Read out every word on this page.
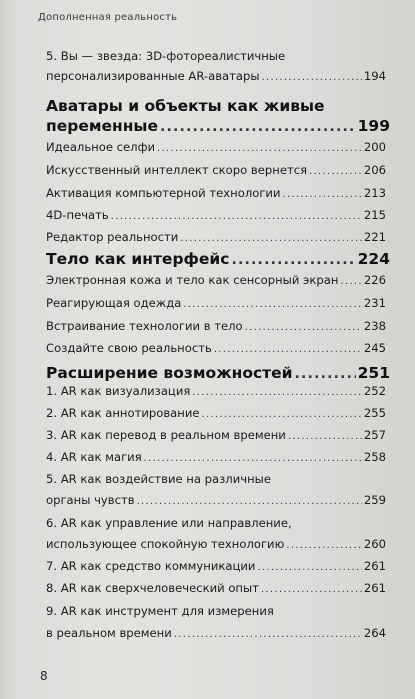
Дополненная реальность
5. Вы — звезда: 3D-фотореалистичные
персонализированные AR-аватары .....	194
Аватары и объекты как живые
переменные .....	199
Идеальное селфи .....	200
Искусственный интеллект скоро вернется .....	206
Активация компьютерной технологии .....	213
4D-печать .....	215
Редактор реальности .....	221
Тело как интерфейс .....	224
Электронная кожа и тело как сенсорный экран ..... 226
Реагирующая одежда .....	231
Встраивание технологии в тело .....	238
Создайте свою реальность .....	245
Расширение возможностей .....	251
1. AR как визуализация .....	252
2. AR как аннотирование .....	255
3. AR как перевод в реальном времени .....	257
4. AR как магия .....	258
5. AR как воздействие на различные
органы чувств .....	259
6. AR как управление или направление,
использующее спокойную технологию .....	260
7. AR как средство коммуникации .....	261
8. AR как сверхчеловеческий опыт .....	261
9. AR как инструмент для измерения
в реальном времени .....	264
8
